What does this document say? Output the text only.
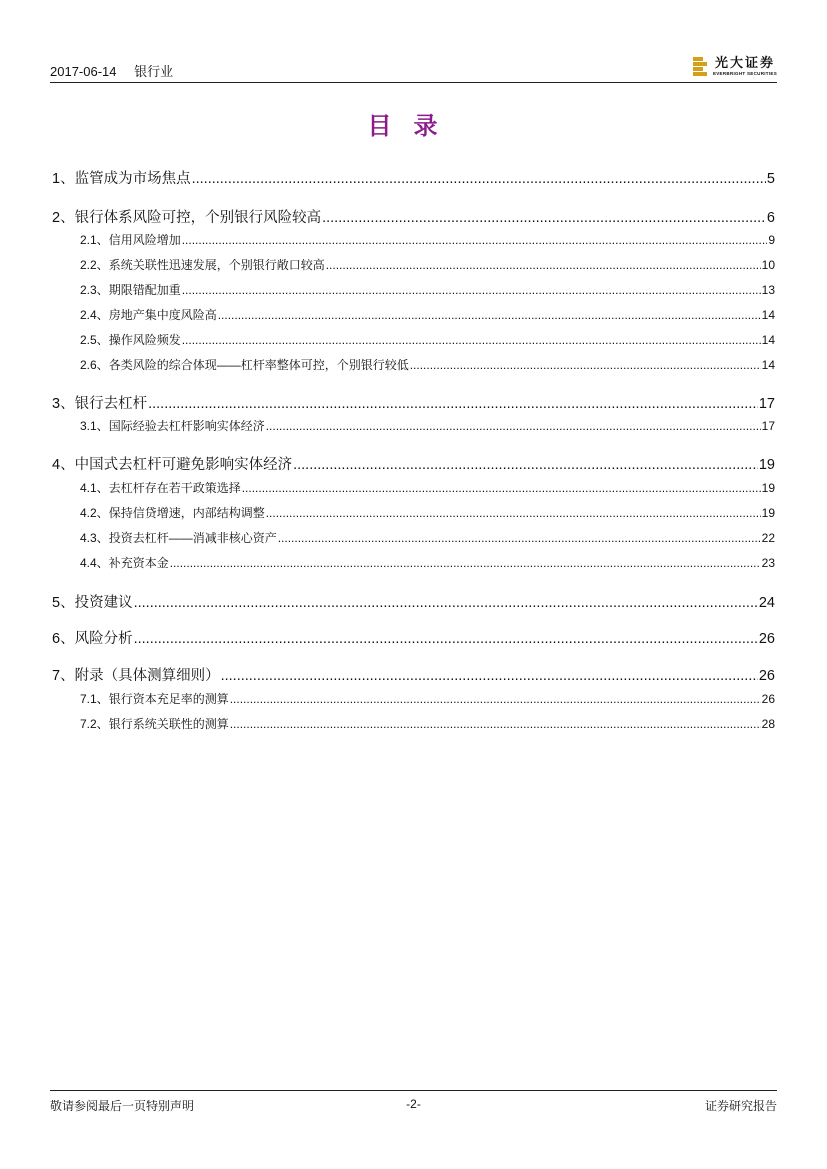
2017-06-14 银行业
光大证券
EVERBRIGHT SECURITIES
目录
1、 监管成为市场焦点 .....	5
2、 银行体系风险可控，个别银行风险较高 .....	6
2.1、 信用风险增加 .....	9
2.2、 系统关联性迅速发展，个别银行敞口较高 .....	10
2.3、 期限错配加重 .....	13
2.4、 房地产集中度风险高 .....	14
2.5、 操作风险频发 .....	14
2.6、 各类风险的综合体现——杠杆率整体可控，个别银行较低 .....	14
3、 银行去杠杆 .....	17
3.1、 国际经验去杠杆影响实体经济 .....	17
4、 中国式去杠杆可避免影响实体经济 .....	19
4.1、 去杠杆存在若干政策选择 .....	19
4.2、 保持信贷增速，内部结构调整 .....	19
4.3、 投资去杠杆——消减非核心资产 .....	22
4.4、 补充资本金 .....	23
5、 投资建议 .....	24
6、 风险分析 .....	26
7、 附录（具体测算细则） .....	26
7.1、 银行资本充足率的测算 .....	26
7.2、 银行系统关联性的测算 .....	28
敬请参阅最后一页特别声明	-2-	证券研究报告
